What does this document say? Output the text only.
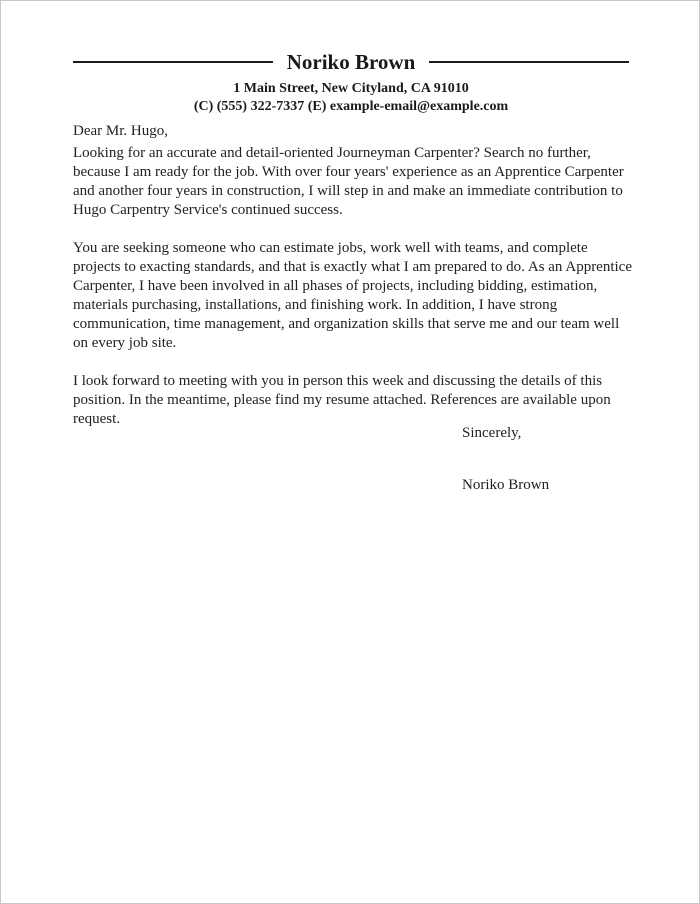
Noriko Brown
1 Main Street, New Cityland, CA 91010
(C) (555) 322-7337 (E) example-email@example.com

Dear Mr. Hugo,

Looking for an accurate and detail-oriented Journeyman Carpenter? Search no further, because I am ready for the job. With over four years' experience as an Apprentice Carpenter and another four years in construction, I will step in and make an immediate contribution to Hugo Carpentry Service's continued success.

You are seeking someone who can estimate jobs, work well with teams, and complete projects to exacting standards, and that is exactly what I am prepared to do. As an Apprentice Carpenter, I have been involved in all phases of projects, including bidding, estimation, materials purchasing, installations, and finishing work. In addition, I have strong communication, time management, and organization skills that serve me and our team well on every job site.

I look forward to meeting with you in person this week and discussing the details of this position. In the meantime, please find my resume attached. References are available upon request.

Sincerely,
Noriko Brown
